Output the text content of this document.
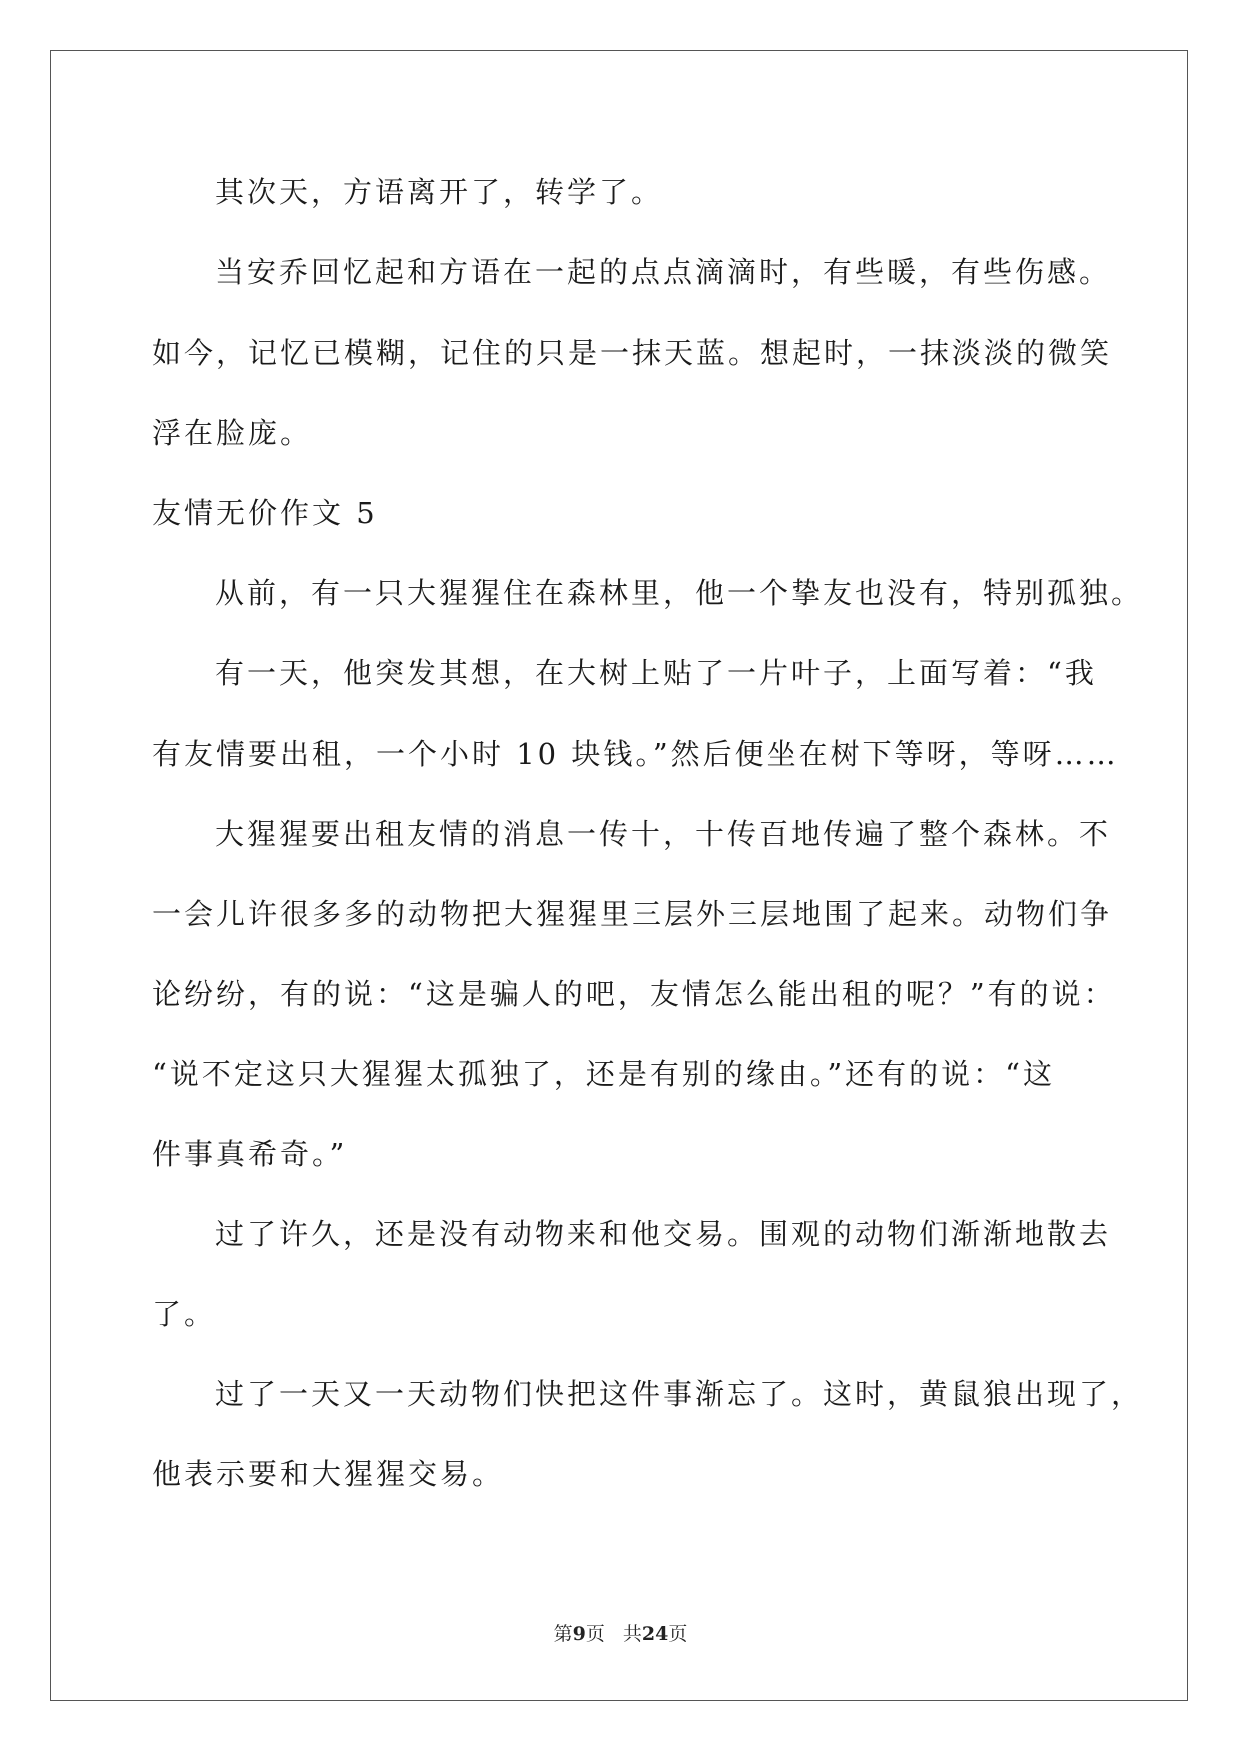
其次天，方语离开了，转学了。
当安乔回忆起和方语在一起的点点滴滴时，有些暖，有些伤感。
如今，记忆已模糊，记住的只是一抹天蓝。想起时，一抹淡淡的微笑
浮在脸庞。
友情无价作文 5
从前，有一只大猩猩住在森林里，他一个挚友也没有，特别孤独。
有一天，他突发其想，在大树上贴了一片叶子，上面写着：“我
有友情要出租，一个小时 10 块钱。”然后便坐在树下等呀，等呀……
大猩猩要出租友情的消息一传十，十传百地传遍了整个森林。不
一会儿许很多多的动物把大猩猩里三层外三层地围了起来。动物们争
论纷纷，有的说：“这是骗人的吧，友情怎么能出租的呢？”有的说：
“说不定这只大猩猩太孤独了，还是有别的缘由。”还有的说：“这
件事真希奇。”
过了许久，还是没有动物来和他交易。围观的动物们渐渐地散去
了。
过了一天又一天动物们快把这件事渐忘了。这时，黄鼠狼出现了，
他表示要和大猩猩交易。
第9页 共24页
